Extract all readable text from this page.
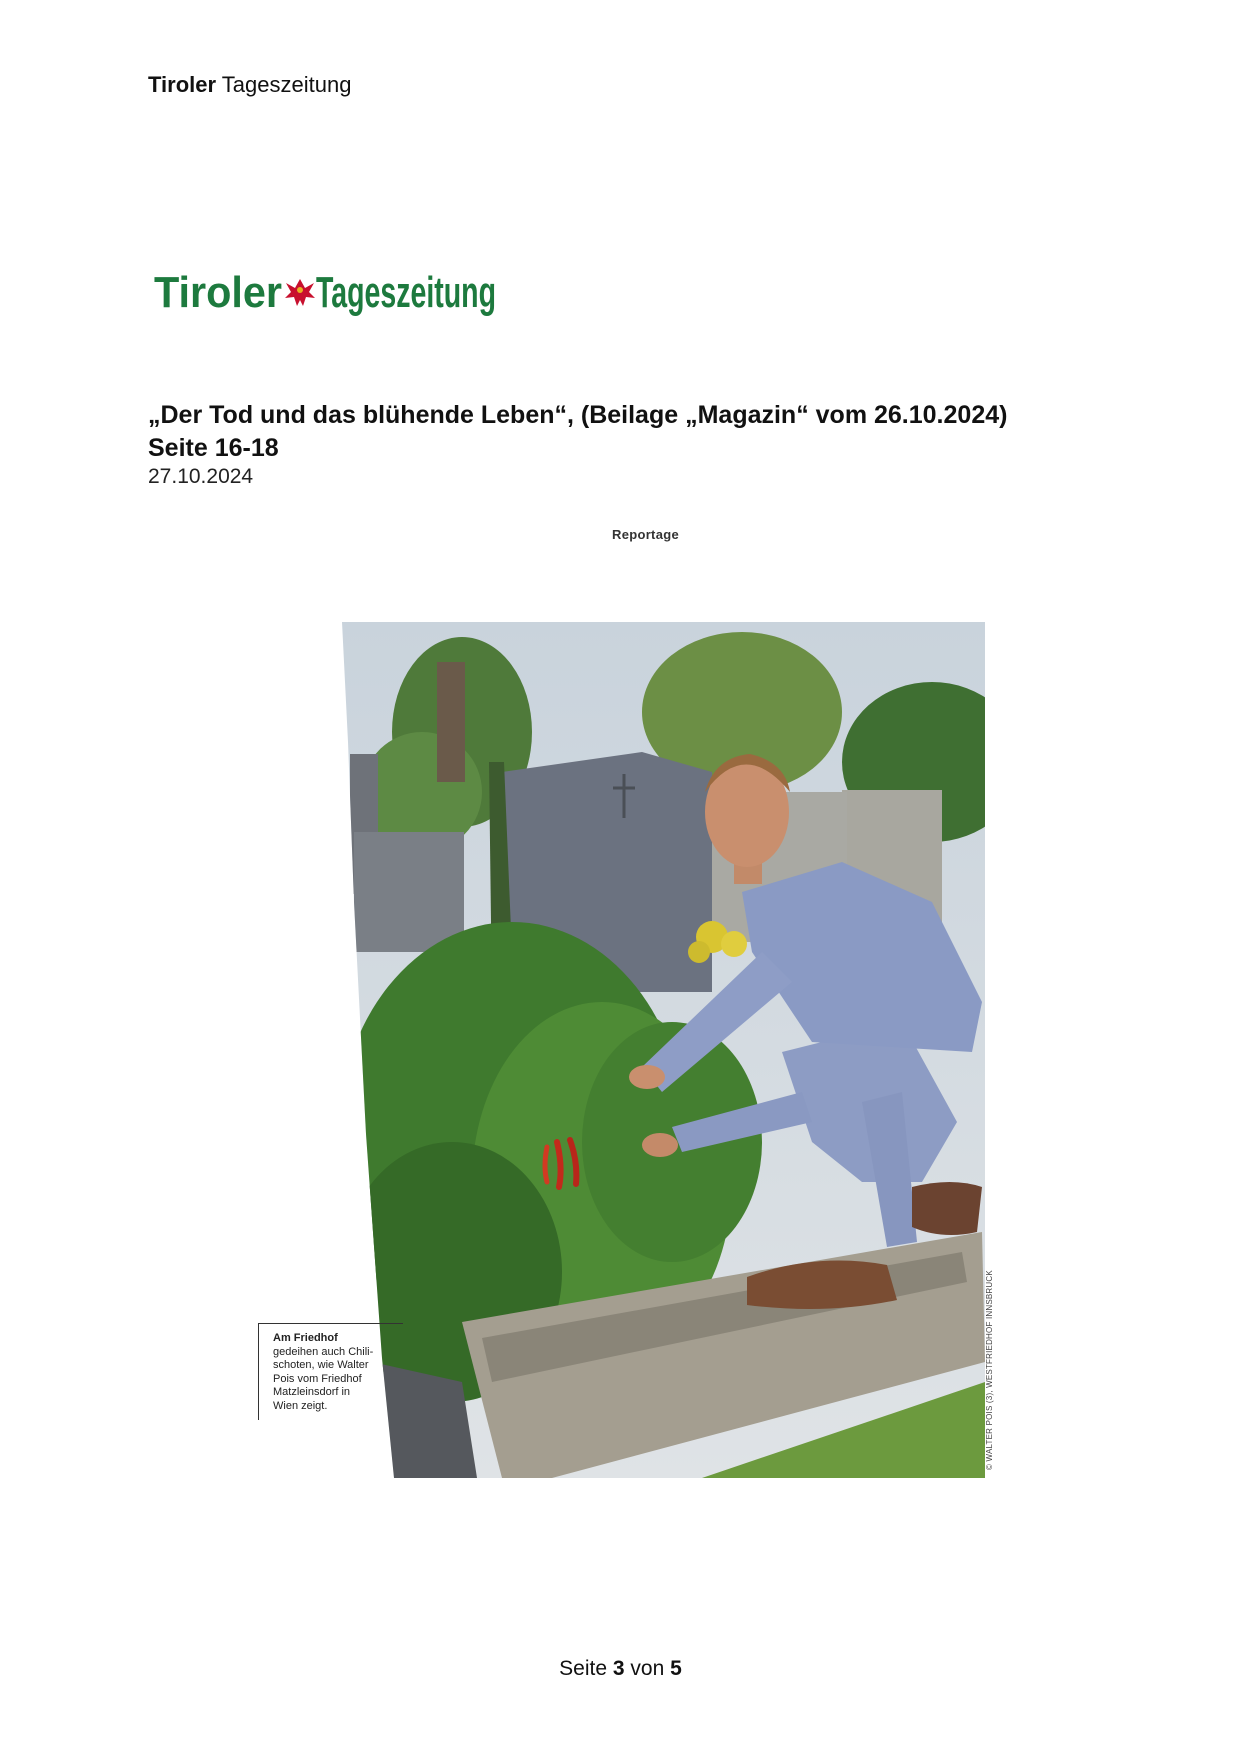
Tiroler Tageszeitung
Tiroler Tageszeitung
„Der Tod und das blühende Leben“, (Beilage „Magazin“ vom 26.10.2024)
Seite 16-18
27.10.2024
Reportage
Am Friedhof
gedeihen auch Chili-
schoten, wie Walter
Pois vom Friedhof
Matzleinsdorf in
Wien zeigt.	© WALTER POIS (3), WESTFRIEDHOF INNSBRUCK
Seite 3 von 5
